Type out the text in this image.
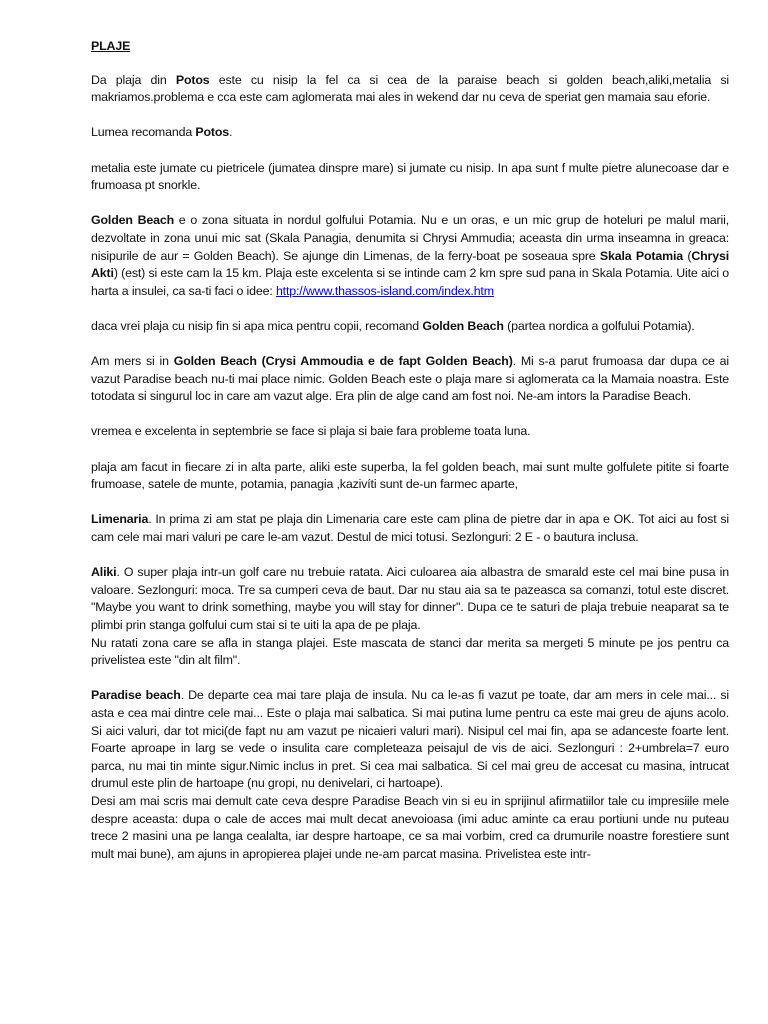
PLAJE

Da plaja din Potos este cu nisip la fel ca si cea de la paraise beach si golden beach,aliki,metalia si makriamos.problema e cca este cam aglomerata mai ales in wekend dar nu ceva de speriat gen mamaia sau eforie.

Lumea recomanda Potos.

metalia este jumate cu pietricele (jumatea dinspre mare) si jumate cu nisip. In apa sunt f multe pietre alunecoase dar e frumoasa pt snorkle.

Golden Beach e o zona situata in nordul golfului Potamia. Nu e un oras, e un mic grup de hoteluri pe malul marii, dezvoltate in zona unui mic sat (Skala Panagia, denumita si Chrysi Ammudia; aceasta din urma inseamna in greaca: nisipurile de aur = Golden Beach). Se ajunge din Limenas, de la ferry-boat pe soseaua spre Skala Potamia (Chrysi Akti) (est) si este cam la 15 km. Plaja este excelenta si se intinde cam 2 km spre sud pana in Skala Potamia. Uite aici o harta a insulei, ca sa-ti faci o idee: http://www.thassos-island.com/index.htm

daca vrei plaja cu nisip fin si apa mica pentru copii, recomand Golden Beach (partea nordica a golfului Potamia).

Am mers si in Golden Beach (Crysi Ammoudia e de fapt Golden Beach). Mi s-a parut frumoasa dar dupa ce ai vazut Paradise beach nu-ti mai place nimic. Golden Beach este o plaja mare si aglomerata ca la Mamaia noastra. Este totodata si singurul loc in care am vazut alge. Era plin de alge cand am fost noi. Ne-am intors la Paradise Beach.

vremea e excelenta in septembrie se face si plaja si baie fara probleme toata luna.

plaja am facut in fiecare zi in alta parte, aliki este superba, la fel golden beach, mai sunt multe golfulete pitite si foarte frumoase, satele de munte, potamia, panagia ,kazivíti sunt de-un farmec aparte,

Limenaria. In prima zi am stat pe plaja din Limenaria care este cam plina de pietre dar in apa e OK. Tot aici au fost si cam cele mai mari valuri pe care le-am vazut. Destul de mici totusi. Sezlonguri: 2 E - o bautura inclusa.

Aliki. O super plaja intr-un golf care nu trebuie ratata. Aici culoarea aia albastra de smarald este cel mai bine pusa in valoare. Sezlonguri: moca. Tre sa cumperi ceva de baut. Dar nu stau aia sa te pazeasca sa comanzi, totul este discret. "Maybe you want to drink something, maybe you will stay for dinner". Dupa ce te saturi de plaja trebuie neaparat sa te plimbi prin stanga golfului cum stai si te uiti la apa de pe plaja.

Nu ratati zona care se afla in stanga plajei. Este mascata de stanci dar merita sa mergeti 5 minute pe jos pentru ca privelistea este "din alt film".

Paradise beach. De departe cea mai tare plaja de insula. Nu ca le-as fi vazut pe toate, dar am mers in cele mai... si asta e cea mai dintre cele mai... Este o plaja mai salbatica. Si mai putina lume pentru ca este mai greu de ajuns acolo. Si aici valuri, dar tot mici(de fapt nu am vazut pe nicaieri valuri mari). Nisipul cel mai fin, apa se adanceste foarte lent. Foarte aproape in larg se vede o insulita care completeaza peisajul de vis de aici. Sezlonguri : 2+umbrela=7 euro parca, nu mai tin minte sigur.Nimic inclus in pret. Si cea mai salbatica. Si cel mai greu de accesat cu masina, intrucat drumul este plin de hartoape (nu gropi, nu denivelari, ci hartoape).

Desi am mai scris mai demult cate ceva despre Paradise Beach vin si eu in sprijinul afirmatiilor tale cu impresiile mele despre aceasta: dupa o cale de acces mai mult decat anevoioasa (imi aduc aminte ca erau portiuni unde nu puteau trece 2 masini una pe langa cealalta, iar despre hartoape, ce sa mai vorbim, cred ca drumurile noastre forestiere sunt mult mai bune), am ajuns in apropierea plajei unde ne-am parcat masina. Privelistea este intr-
